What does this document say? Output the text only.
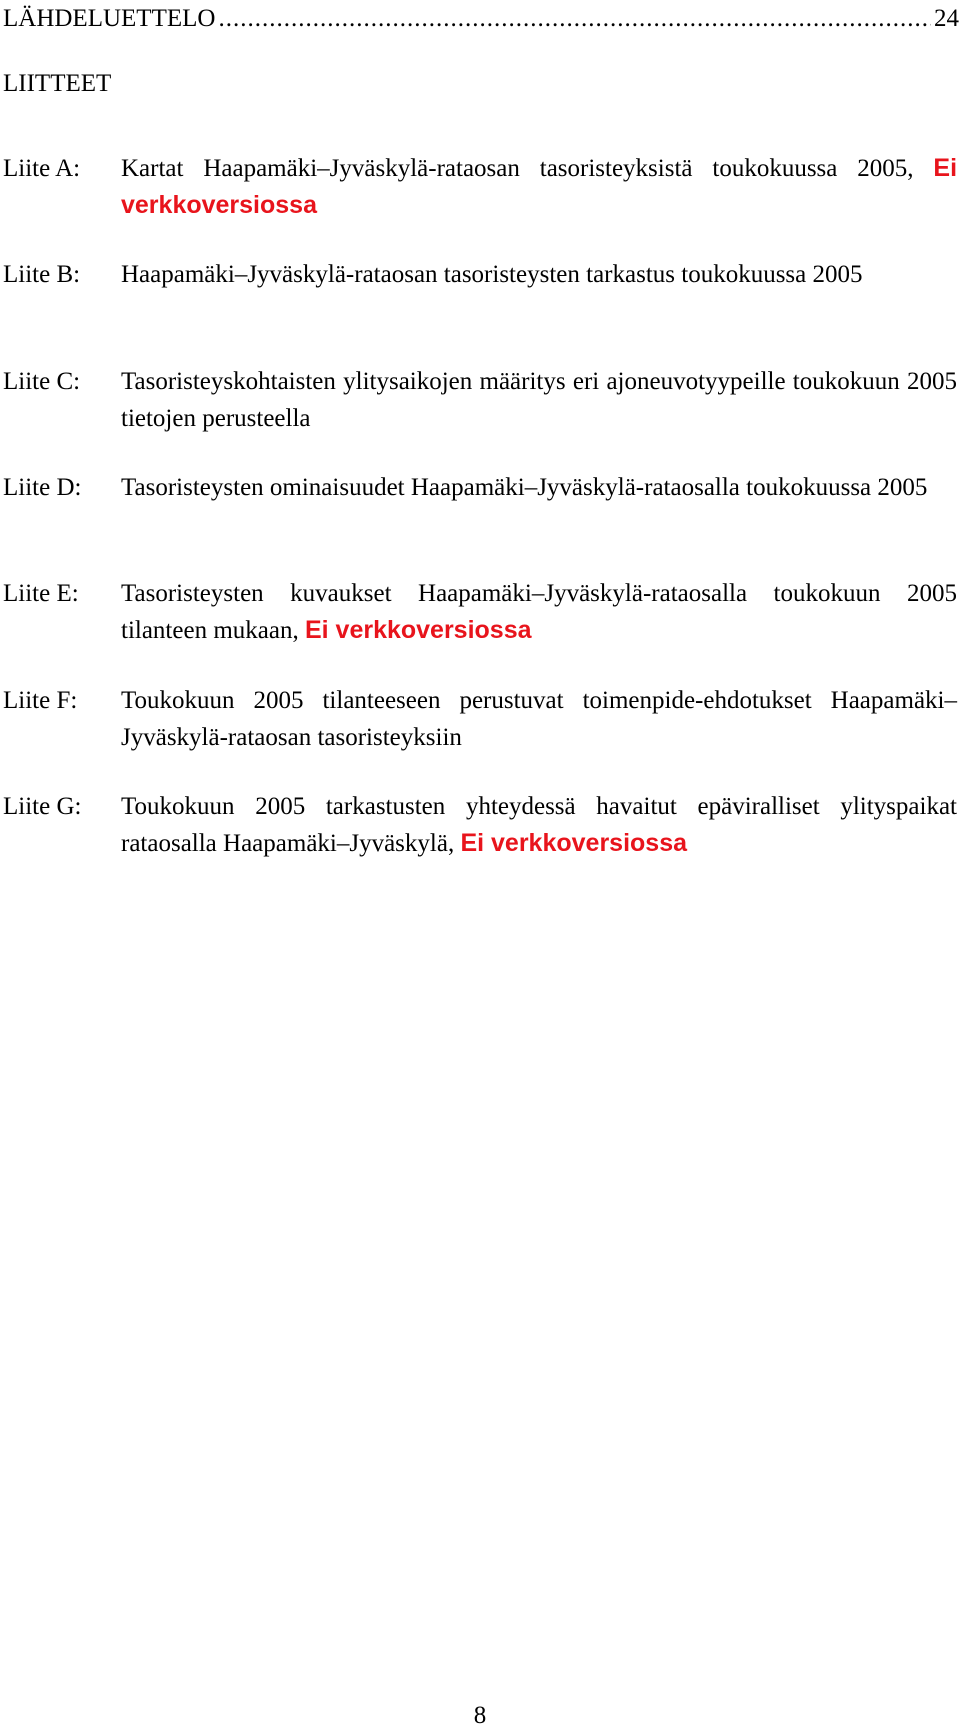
LÄHDELUETTELO
.....	24
LIITTEET
Liite A: Kartat Haapamäki–Jyväskylä-rataosan tasoristeyksistä toukokuussa 2005, Ei verkkoversiossa
Liite B: Haapamäki–Jyväskylä-rataosan tasoristeysten tarkastus toukokuussa 2005
Liite C: Tasoristeyskohtaisten ylitysaikojen määritys eri ajoneuvotyypeille toukokuun 2005 tietojen perusteella
Liite D: Tasoristeysten ominaisuudet Haapamäki–Jyväskylä-rataosalla toukokuussa 2005
Liite E: Tasoristeysten kuvaukset Haapamäki–Jyväskylä-rataosalla toukokuun 2005 tilanteen mukaan, Ei verkkoversiossa
Liite F: Toukokuun 2005 tilanteeseen perustuvat toimenpide-ehdotukset Haapamäki–Jyväskylä-rataosan tasoristeyksiin
Liite G: Toukokuun 2005 tarkastusten yhteydessä havaitut epäviralliset ylityspaikat rataosalla Haapamäki–Jyväskylä, Ei verkkoversiossa
8
